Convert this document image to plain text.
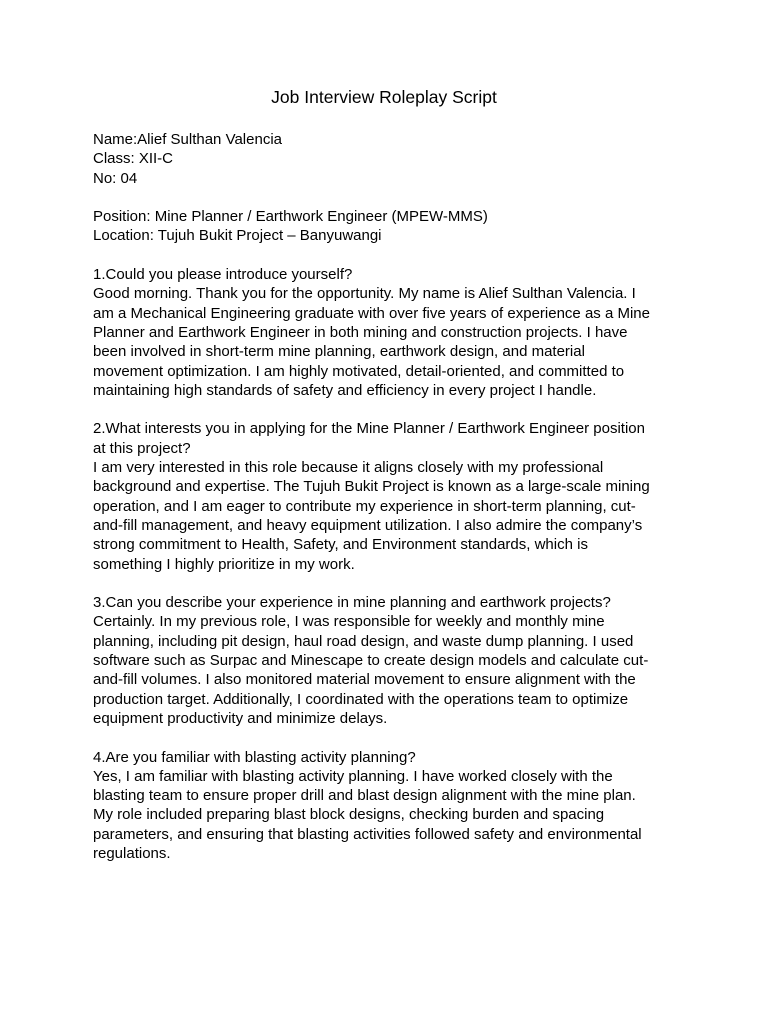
Job Interview Roleplay Script
Name:Alief Sulthan Valencia
Class: XII-C
No: 04
Position: Mine Planner / Earthwork Engineer (MPEW-MMS)
Location: Tujuh Bukit Project – Banyuwangi
1.Could you please introduce yourself?
Good morning. Thank you for the opportunity. My name is Alief Sulthan Valencia. I
am a Mechanical Engineering graduate with over five years of experience as a Mine
Planner and Earthwork Engineer in both mining and construction projects. I have
been involved in short-term mine planning, earthwork design, and material
movement optimization. I am highly motivated, detail-oriented, and committed to
maintaining high standards of safety and efficiency in every project I handle.
2.What interests you in applying for the Mine Planner / Earthwork Engineer position
at this project?
I am very interested in this role because it aligns closely with my professional
background and expertise. The Tujuh Bukit Project is known as a large-scale mining
operation, and I am eager to contribute my experience in short-term planning, cut-
and-fill management, and heavy equipment utilization. I also admire the company’s
strong commitment to Health, Safety, and Environment standards, which is
something I highly prioritize in my work.
3.Can you describe your experience in mine planning and earthwork projects?
Certainly. In my previous role, I was responsible for weekly and monthly mine
planning, including pit design, haul road design, and waste dump planning. I used
software such as Surpac and Minescape to create design models and calculate cut-
and-fill volumes. I also monitored material movement to ensure alignment with the
production target. Additionally, I coordinated with the operations team to optimize
equipment productivity and minimize delays.
4.Are you familiar with blasting activity planning?
Yes, I am familiar with blasting activity planning. I have worked closely with the
blasting team to ensure proper drill and blast design alignment with the mine plan.
My role included preparing blast block designs, checking burden and spacing
parameters, and ensuring that blasting activities followed safety and environmental
regulations.
